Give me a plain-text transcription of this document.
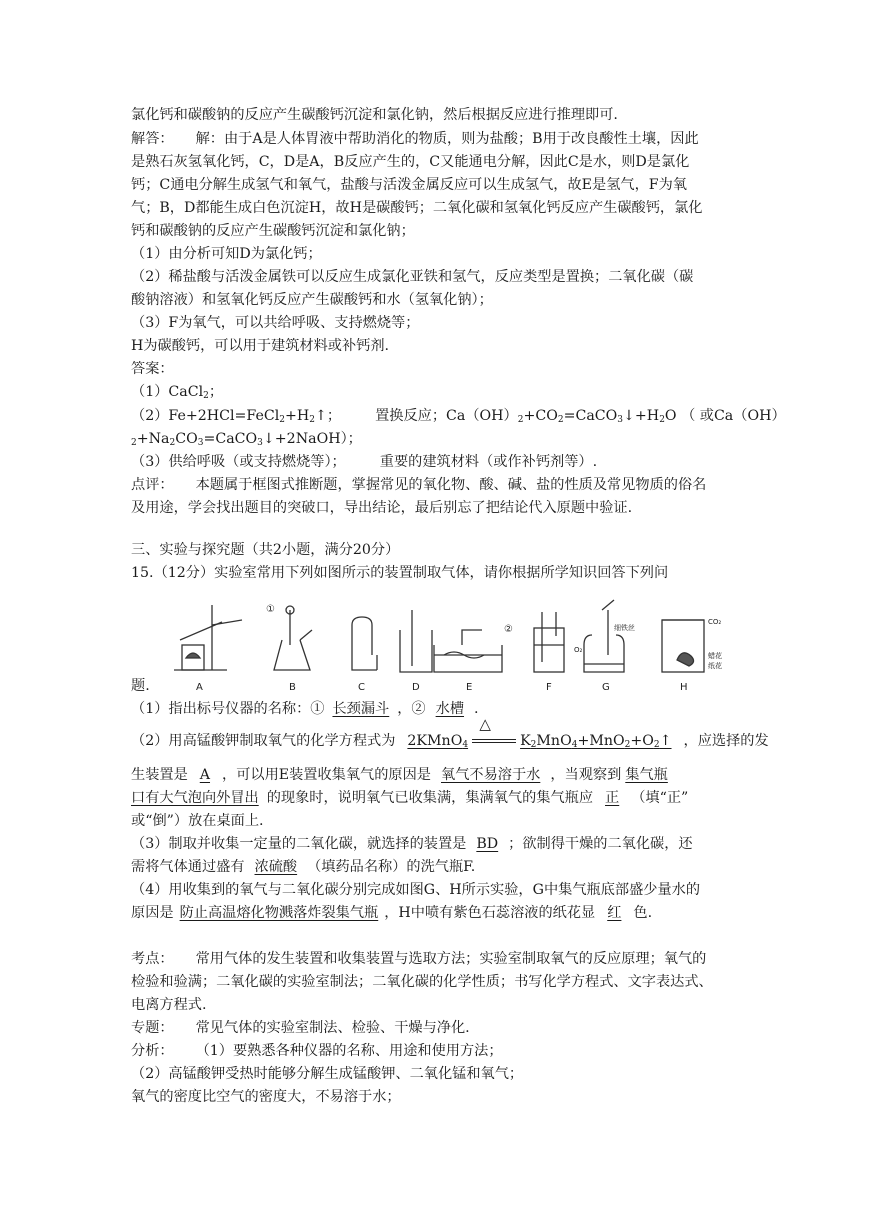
氯化钙和碳酸钠的反应产生碳酸钙沉淀和氯化钠，然后根据反应进行推理即可.
解答： 解：由于A是人体胃液中帮助消化的物质，则为盐酸；B用于改良酸性土壤，因此
是熟石灰氢氧化钙，C，D是A，B反应产生的，C又能通电分解，因此C是水，则D是氯化
钙；C通电分解生成氢气和氧气，盐酸与活泼金属反应可以生成氢气，故E是氢气，F为氧
气；B，D都能生成白色沉淀H，故H是碳酸钙；二氧化碳和氢氧化钙反应产生碳酸钙，氯化
钙和碳酸钠的反应产生碳酸钙沉淀和氯化钠；
（1）由分析可知D为氯化钙；
（2）稀盐酸与活泼金属铁可以反应生成氯化亚铁和氢气，反应类型是置换；二氧化碳（碳
酸钠溶液）和氢氧化钙反应产生碳酸钙和水（氢氧化钠）；
（3）F为氧气，可以共给呼吸、支持燃烧等；
H为碳酸钙，可以用于建筑材料或补钙剂.
答案：
（1）CaCl$_2$；
$(2)Fe+2HCl=FeCl_2+H_2↑$； 置换反应；$Ca(OH)_2+CO_2=CaCO_3↓+H_2O$ （ 或Ca（OH）
$_2+Na_2CO_3=CaCO_3↓+2NaOH$）；
（3）供给呼吸（或支持燃烧等）； 重要的建筑材料（或作补钙剂等）.
点评： 本题属于框图式推断题，掌握常见的氧化物、酸、碱、盐的性质及常见物质的俗名
及用途，学会找出题目的突破口，导出结论，最后别忘了把结论代入原题中验证.
三、实验与探究题（共2小题，满分20分）
15.（12分）实验室常用下列如图所示的装置制取气体，请你根据所学知识回答下列问
A	B	C	D	E	F	G	H
①
②	细铁丝
O₂
CO₂
蜡花
纸花
题.
（1）指出标号仪器的名称：① 长颈漏斗 ，② 水槽 .
（2）用高锰酸钾制取氧气的化学方程式为 2KMnO$_4$
△
$K_2MnO_4+MnO_2+O_2↑$ ，应选择的发
生装置是 A ，可以用E装置收集氧气的原因是 氧气不易溶于水 ，当观察到 集气瓶
口有大气泡向外冒出 的现象时，说明氧气已收集满，集满氧气的集气瓶应 正 （填“正”
或“倒”）放在桌面上.
（3）制取并收集一定量的二氧化碳，就选择的装置是 BD ；欲制得干燥的二氧化碳，还
需将气体通过盛有 浓硫酸 （填药品名称）的洗气瓶F.
（4）用收集到的氧气与二氧化碳分别完成如图G、H所示实验，G中集气瓶底部盛少量水的
原因是 防止高温熔化物溅落炸裂集气瓶 ，H中喷有紫色石蕊溶液的纸花显 红 色.
考点： 常用气体的发生装置和收集装置与选取方法；实验室制取氧气的反应原理；氧气的
检验和验满；二氧化碳的实验室制法；二氧化碳的化学性质；书写化学方程式、文字表达式、
电离方程式.
专题： 常见气体的实验室制法、检验、干燥与净化.
分析： （1）要熟悉各种仪器的名称、用途和使用方法；
（2）高锰酸钾受热时能够分解生成锰酸钾、二氧化锰和氧气；
氧气的密度比空气的密度大，不易溶于水；
